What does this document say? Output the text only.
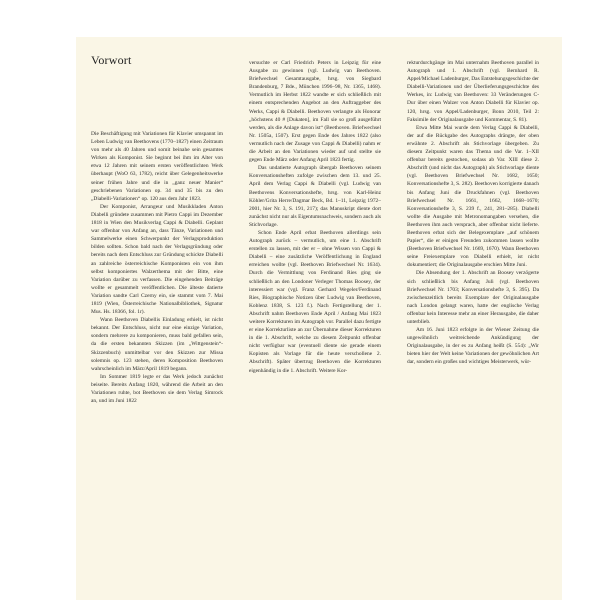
Vorwort

Die Beschäftigung mit Variationen für Klavier umspannt im Leben Ludwig van Beethovens (1770–1827) einen Zeitraum von mehr als 40 Jahren und somit beinahe sein gesamtes Wirken als Komponist. Sie beginnt bei ihm im Alter von etwa 12 Jahren mit seinem ersten veröffentlichten Werk überhaupt (WoO 63, 1782), reicht über Gelegenheitswerke seiner frühen Jahre und die in „ganz neuer Manier“ geschriebenen Variationen op. 34 und 35 bis zu den „Diabelli-Variationen“ op. 120 aus dem Jahr 1823.

Der Komponist, Arrangeur und Musikkladen Anton Diabelli gründete zusammen mit Pietro Cappi im Dezember 1818 in Wien den Musikverlag Cappi & Diabelli. Geplant war offenbar von Anfang an, dass Tänze, Variationen und Sammelwerke einen Schwerpunkt der Verlagsproduktion bilden sollten. Schon bald nach der Verlagsgründung oder bereits nach dem Entschluss zur Gründung schickte Diabelli an zahlreiche österreichische Komponisten ein von ihm selbst komponiertes Walzerthema mit der Bitte, eine Variation darüber zu verfassen. Die eingehenden Beiträge wollte er gesammelt veröffentlichen. Die älteste datierte Variation sandte Carl Czerny ein, sie stammt vom 7. Mai 1819 (Wien, Österreichische Nationalbibliothek, Signatur Mus. Hs. 18366, fol. 1r).

Wann Beethoven Diabellis Einladung erhielt, ist nicht bekannt. Der Entschluss, nicht nur eine einzige Variation, sondern mehrere zu komponieren, muss bald gefallen sein, da die ersten bekannten Skizzen (im „Wittgenstein“-Skizzenbuch) unmittelbar vor den Skizzen zur Missa solemnis op. 123 stehen, deren Komposition Beethoven wahrscheinlich im März/April 1819 begann.

Im Sommer 1819 legte er das Werk jedoch zunächst beiseite. Bereits Anfang 1820, während die Arbeit an den Variationen ruhte, bot Beethoven sie dem Verlag Simrock an, und im Juni 1822

versuchte er Carl Friedrich Peters in Leipzig für eine Ausgabe zu gewinnen (vgl. Ludwig van Beethoven. Briefwechsel Gesamtausgabe, hrsg. von Siegbard Brandenburg, 7 Bde., München 1996–98, Nr. 1365, 1468). Vermutlich im Herbst 1822 wandte er sich schließlich mit einem entsprechenden Angebot an den Auftraggeber des Werks, Cappi & Diabelli. Beethoven verlangte als Honorar „höchstens 40 # [Dukaten], im Fall sie so groß ausgeführt werden, als die Anlage davon ist“ (Beethoven. Briefwechsel Nr. 1505a, 1507). Erst gegen Ende des Jahres 1822 (also vermutlich nach der Zusage von Cappi & Diabelli) nahm er die Arbeit an den Variationen wieder auf und stellte sie gegen Ende März oder Anfang April 1823 fertig.

Das undatierte Autograph übergab Beethoven seinem Konversationsheften zufolge zwischen dem 13. und 25. April dem Verlag Cappi & Diabelli (vgl. Ludwig van Beethovens Konversationshefte, hrsg. von Karl-Heinz Köhler/Grita Herre/Dagmar Beck, Bd. 1–11, Leipzig 1972–2001, hier Nr. 3, S. 191, 217); das Manuskript diente dort zunächst nicht nur als Eigentumsnachweis, sondern auch als Stichvorlage.

Schon Ende April erbat Beethoven allerdings sein Autograph zurück – vermutlich, um eine 1. Abschrift erstellen zu lassen, mit der er – ohne Wissen von Cappi & Diabelli – eine zusätzliche Veröffentlichung in England erreichen wollte (vgl. Beethoven Briefwechsel Nr. 1634). Durch die Vermittlung von Ferdinand Ries ging sie schließlich an den Londoner Verleger Thomas Boosey, der interessiert war (vgl. Franz Gerhard Wegeler/Ferdinand Ries, Biographische Notizen über Ludwig van Beethoven, Koblenz 1838, S. 123 f.). Nach Fertigstellung der 1. Abschrift nahm Beethoven Ende April / Anfang Mai 1823 weitere Korrekturen im Autograph vor. Parallel dazu fertigte er eine Korrekturliste an zur Übernahme dieser Korrekturen in die 1. Abschrift, welche zu diesem Zeitpunkt offenbar nicht verfügbar war (eventuell diente sie gerade einem Kopisten als Vorlage für die heute verschollene 2. Abschrift). Später übertrug Beethoven die Korrekturen eigenhändig in die 1. Abschrift. Weitere Kor-

rekturdurchgänge im Mai unternahm Beethoven parallel in Autograph und 1. Abschrift (vgl. Bernhard R. Appel/Michael Ladenburger, Das Entstehungsgeschichte der Diabelli-Variationen und der Überlieferungsgeschichte des Werkes, in: Ludwig van Beethoven: 33 Veränderungen C-Dur über einen Walzer von Anton Diabelli für Klavier op. 120, hrsg. von Appel/Ladenburger, Bonn 2010, Teil 2: Faksimile der Originalausgabe und Kommentar, S. 81).

Etwa Mitte Mai wurde dem Verlag Cappi & Diabelli, der auf die Rückgabe des Autographs drängte, der oben erwähnte 2. Abschrift als Stichvorlage übergeben. Zu diesem Zeitpunkt waren das Thema und die Var. 1–XII offenbar bereits gestochen, sodass ab Var. XIII diese 2. Abschrift (und nicht das Autograph) als Stichvorlage diente (vgl. Beethoven Briefwechsel Nr. 1682, 1650; Konversationshefte 3, S. 282). Beethoven korrigierte danach bis Anfang Juni die Druckfahnen (vgl. Beethoven Briefwechsel Nr. 1661, 1662, 1668–1670; Konversationshefte 3, S. 239 f., 241, 281–285). Diabelli wollte die Ausgabe mit Metronomangaben versehen, die Beethoven ihm auch versprach, aber offenbar nicht lieferte. Beethoven erbat sich der Belegexemplare „auf schönem Papier“, die er einigen Freunden zukommen lassen wollte (Beethoven Briefwechsel Nr. 1669, 1670). Wann Beethoven seine Freiexemplare von Diabelli erhielt, ist nicht dokumentiert; die Originalausgabe erschien Mitte Juni.

Die Absendung der 1. Abschrift an Boosey verzögerte sich schließlich bis Anfang Juli (vgl. Beethoven Briefwechsel Nr. 1703; Konversationshefte 3, S. 395). Da zwischenzeitlich bereits Exemplare der Originalausgabe nach London gelangt waren, hatte der englische Verlag offenbar kein Interesse mehr an einer Herausgabe, die daher unterblieb.

Am 16. Juni 1823 erfolgte in der Wiener Zeitung die ungewöhnlich weitreichende Ankündigung der Originalausgabe, in der es zu Anfang heißt (S. 554): „Wir bieten hier der Welt keine Variationen der gewöhnlichen Art dar, sondern ein großes und wichtiges Meisterwerk, wür-
